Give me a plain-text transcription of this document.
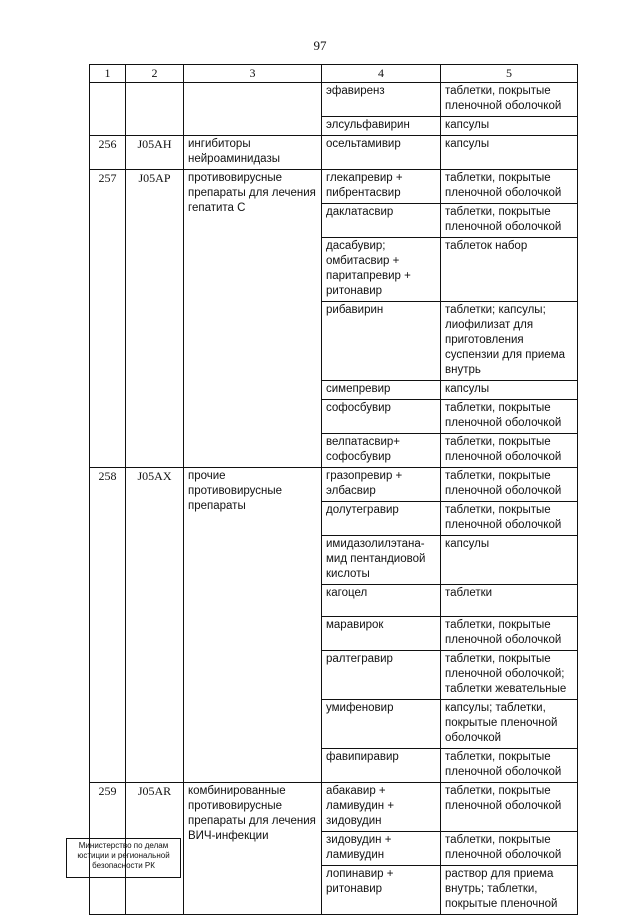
97
1	2	3	4	5
			эфавиренз	таблетки, покрытые пленочной оболочкой
			элсульфавирин	капсулы
256	J05AH	ингибиторы нейроаминидазы	осельтамивир	капсулы
257	J05AP	противовирусные препараты для лечения гепатита C	глекапревир + пибрентасвир	таблетки, покрытые пленочной оболочкой
			даклатасвир	таблетки, покрытые пленочной оболочкой
			дасабувир; омбитасвир + паритапревир + ритонавир	таблеток набор
			рибавирин	таблетки; капсулы; лиофилизат для приготовления суспензии для приема внутрь
			симепревир	капсулы
			софосбувир	таблетки, покрытые пленочной оболочкой
			велпатасвир+ софосбувир	таблетки, покрытые пленочной оболочкой
258	J05AX	прочие противовирусные препараты	гразопревир + элбасвир	таблетки, покрытые пленочной оболочкой
			долутегравир	таблетки, покрытые пленочной оболочкой
			имидазолилэтана- мид пентандиовой кислоты	капсулы
			кагоцел	таблетки
			маравирок	таблетки, покрытые пленочной оболочкой
			ралтегравир	таблетки, покрытые пленочной оболочкой; таблетки жевательные
			умифеновир	капсулы; таблетки, покрытые пленочной оболочкой
			фавипиравир	таблетки, покрытые пленочной оболочкой
259	J05AR	комбинированные противовирусные препараты для лечения ВИЧ-инфекции	абакавир + ламивудин + зидовудин	таблетки, покрытые пленочной оболочкой
			зидовудин + ламивудин	таблетки, покрытые пленочной оболочкой
			лопинавир + ритонавир	раствор для приема внутрь; таблетки, покрытые пленочной
Министерство по делам
юстиции и региональной
безопасности РК
